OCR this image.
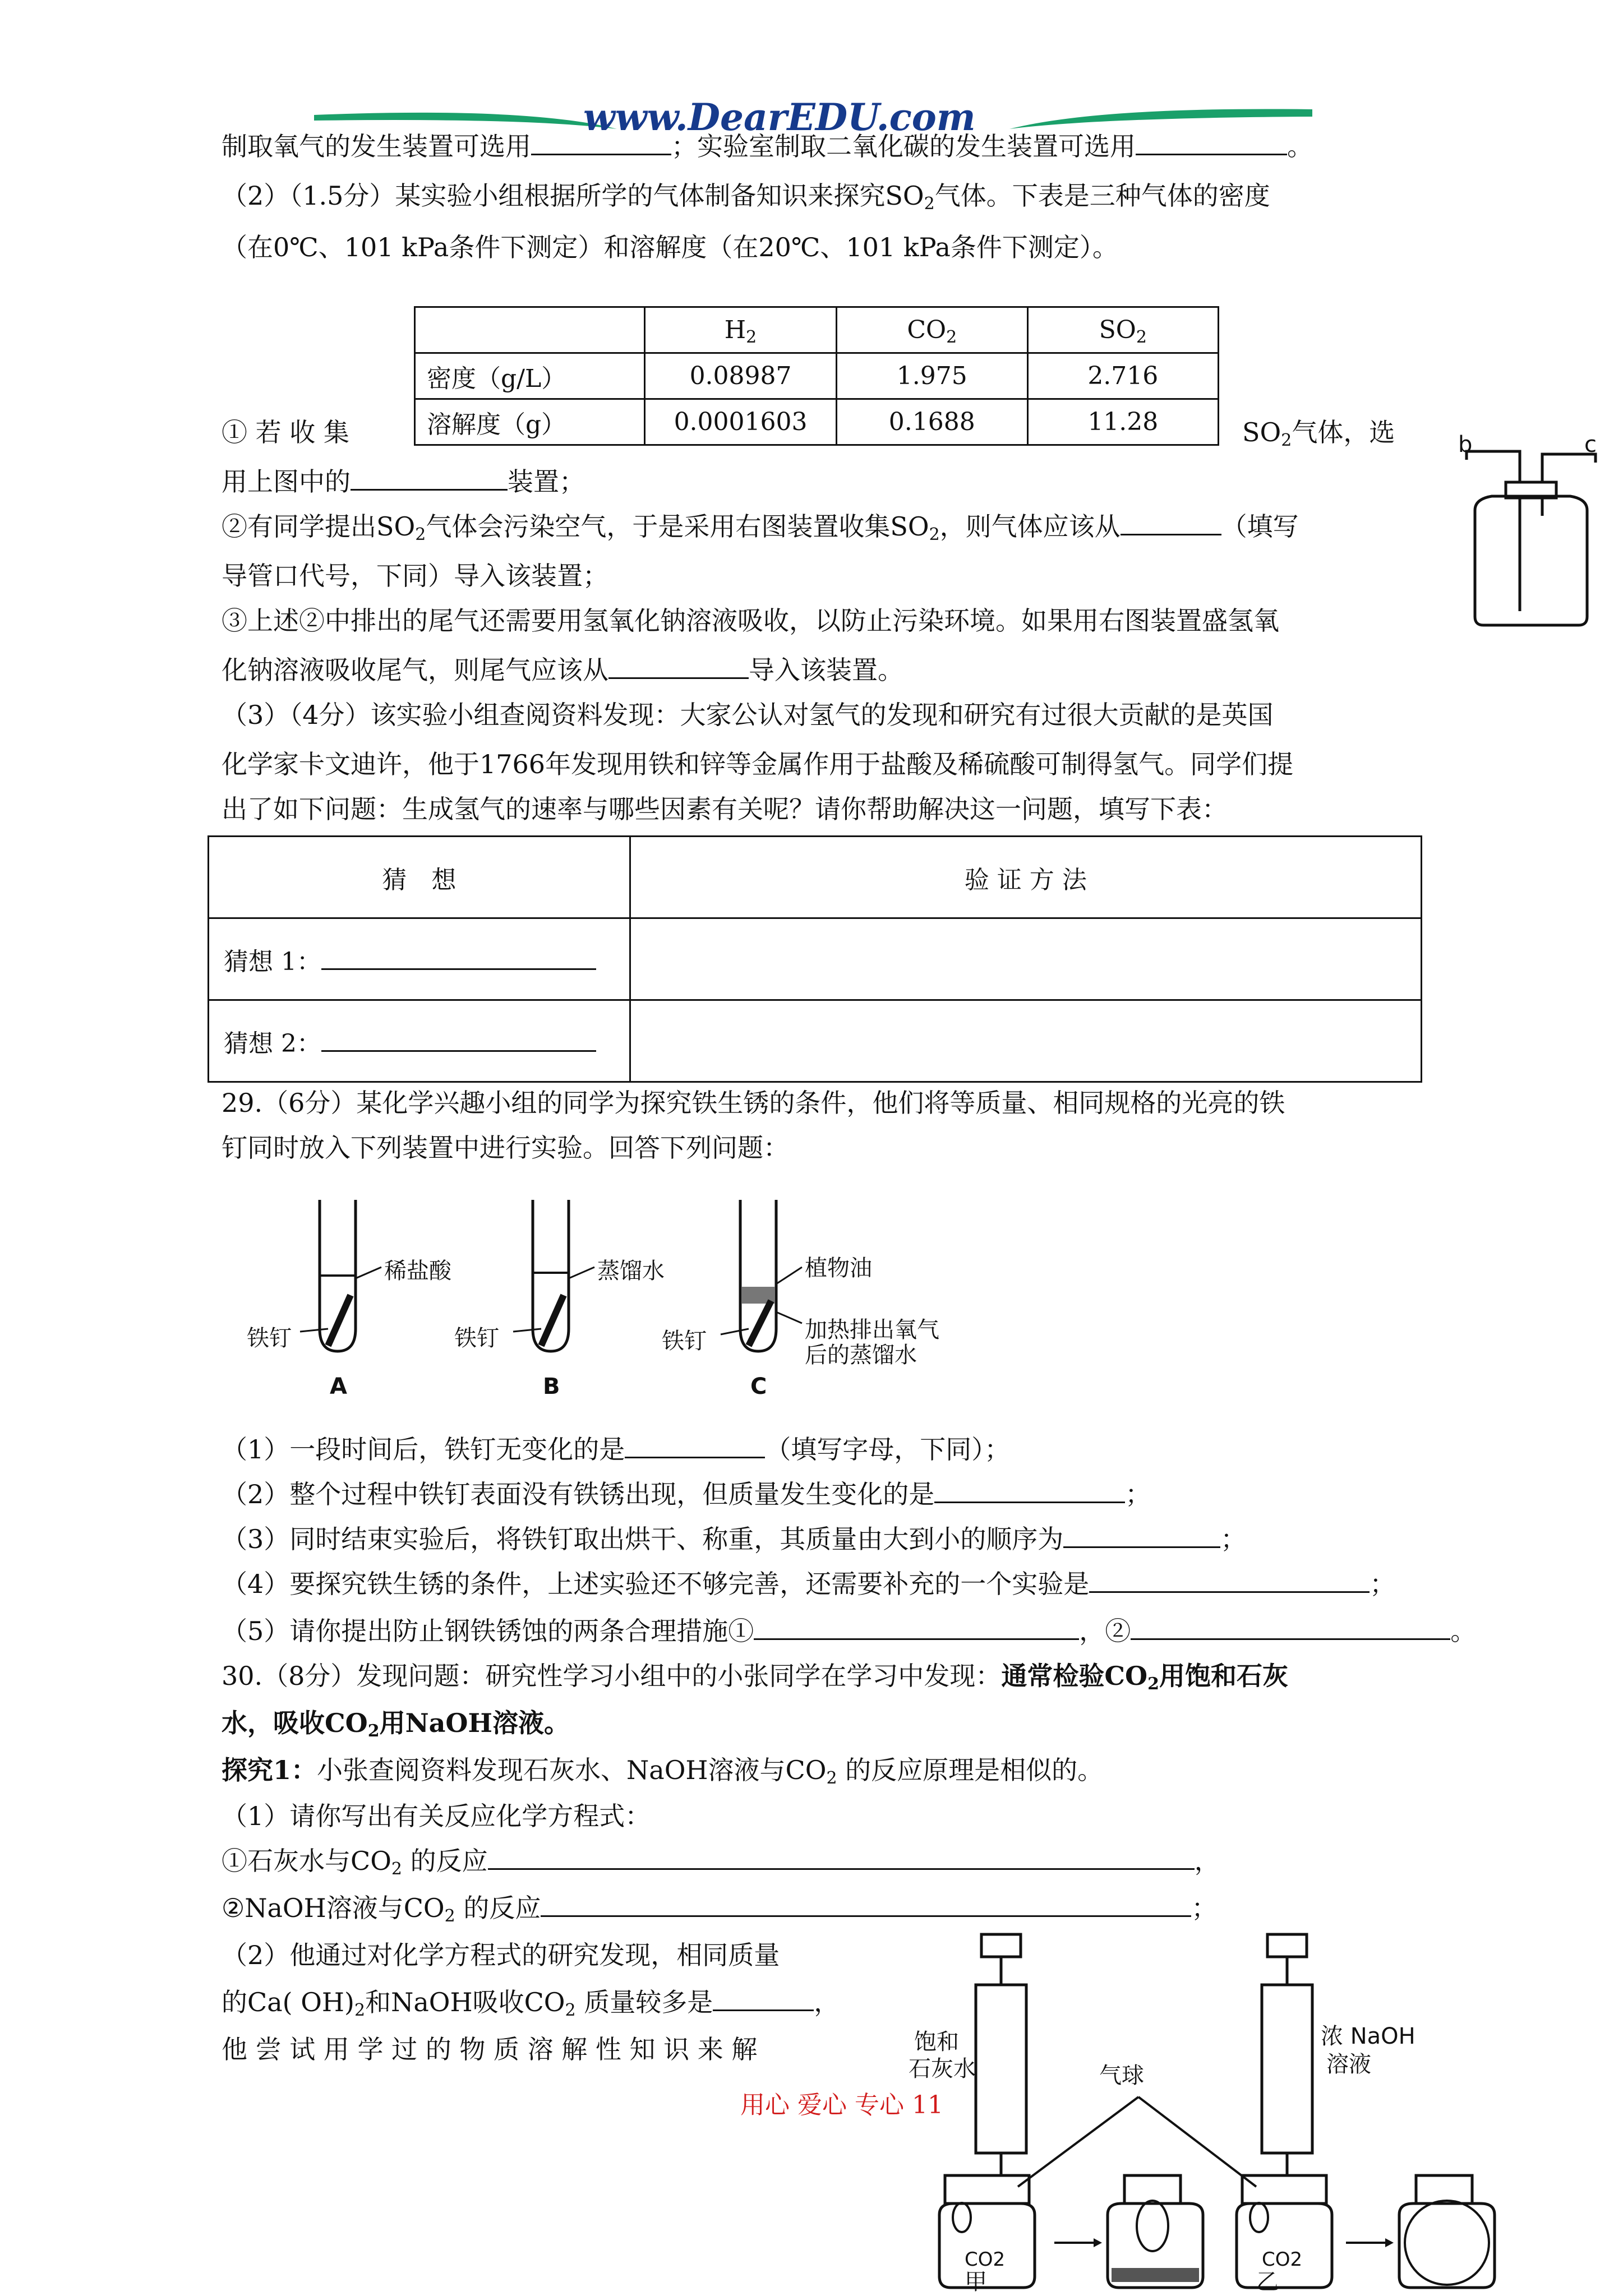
www.DearEDU.com
制取氧气的发生装置可选用	；实验室制取二氧化碳的发生装置可选用	。
（2）（1.5分）某实验小组根据所学的气体制备知识来探究$SO_2$气体。下表是三种气体的密度
（在0℃、101 kPa条件下测定）和溶解度（在20℃、101 kPa条件下测定）。
	$H_2$	$CO_2$	$SO_2$
密度（g/L）	0.08987	1.975	2.716
溶解度（g）	0.0001603	0.1688	11.28
① 若 收 集	$SO_2$气体，选
用上图中的	装置；
②有同学提出$SO_2$气体会污染空气，于是采用右图装置收集$SO_2$，则气体应该从	（填写
导管口代号，下同）导入该装置；
③上述②中排出的尾气还需要用氢氧化钠溶液吸收，以防止污染环境。如果用右图装置盛氢氧
化钠溶液吸收尾气，则尾气应该从	导入该装置。
b	c
（3）（4分）该实验小组查阅资料发现：大家公认对氢气的发现和研究有过很大贡献的是英国
化学家卡文迪许，他于1766年发现用铁和锌等金属作用于盐酸及稀硫酸可制得氢气。同学们提
出了如下问题：生成氢气的速率与哪些因素有关呢？请你帮助解决这一问题，填写下表：
猜　想	验 证 方 法
猜想 1：	
猜想 2：	
29.（6分）某化学兴趣小组的同学为探究铁生锈的条件，他们将等质量、相同规格的光亮的铁
钉同时放入下列装置中进行实验。回答下列问题：
稀盐酸	蒸馏水	植物油
加热排出氧气
后的蒸馏水
铁钉	铁钉	铁钉
A	B	C
（1）一段时间后，铁钉无变化的是	（填写字母，下同）；
（2）整个过程中铁钉表面没有铁锈出现，但质量发生变化的是	；
（3）同时结束实验后，将铁钉取出烘干、称重，其质量由大到小的顺序为	；
（4）要探究铁生锈的条件，上述实验还不够完善，还需要补充的一个实验是	；
（5）请你提出防止钢铁锈蚀的两条合理措施①	，②	。
30.（8分）发现问题：研究性学习小组中的小张同学在学习中发现：通常检验$CO_2$用饱和石灰
水，吸收$CO_2$用NaOH溶液。
探究1：小张查阅资料发现石灰水、NaOH溶液与$CO_2$ 的反应原理是相似的。
（1）请你写出有关反应化学方程式：
①石灰水与$CO_2$ 的反应	，
②NaOH溶液与$CO_2$ 的反应	；
（2）他通过对化学方程式的研究发现，相同质量
的Ca( $OH)_2$和NaOH吸收$CO_2$ 质量较多是	，
他 尝 试 用 学 过 的 物 质 溶 解 性 知 识 来 解	饱和
石灰水	气球
浓 NaOH
溶液
CO2	CO2
甲	乙
用心 爱心 专心 11
